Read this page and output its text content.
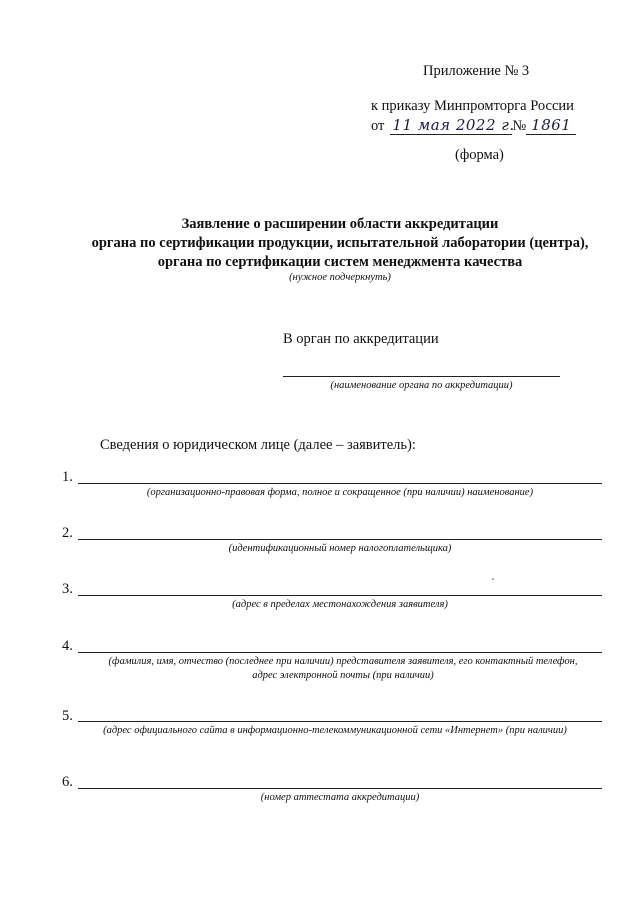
Приложение № 3
к приказу Минпромторга России
от 11 мая 2022 г.
№ 1861
(форма)
Заявление о расширении области аккредитации
органа по сертификации продукции, испытательной лаборатории (центра),
органа по сертификации систем менеджмента качества
(нужное подчеркнуть)
В орган по аккредитации
(наименование органа по аккредитации)
Сведения о юридическом лице (далее – заявитель):
1.
(организационно-правовая форма, полное и сокращенное (при наличии) наименование)
2.
(идентификационный номер налогоплательщика)
3.
(адрес в пределах местонахождения заявителя)
4.
(фамилия, имя, отчество (последнее при наличии) представителя заявителя, его контактный телефон, адрес электронной почты (при наличии)
5.
(адрес официального сайта в информационно-телекоммуникационной сети «Интернет» (при наличии)
6.
(номер аттестата аккредитации)
